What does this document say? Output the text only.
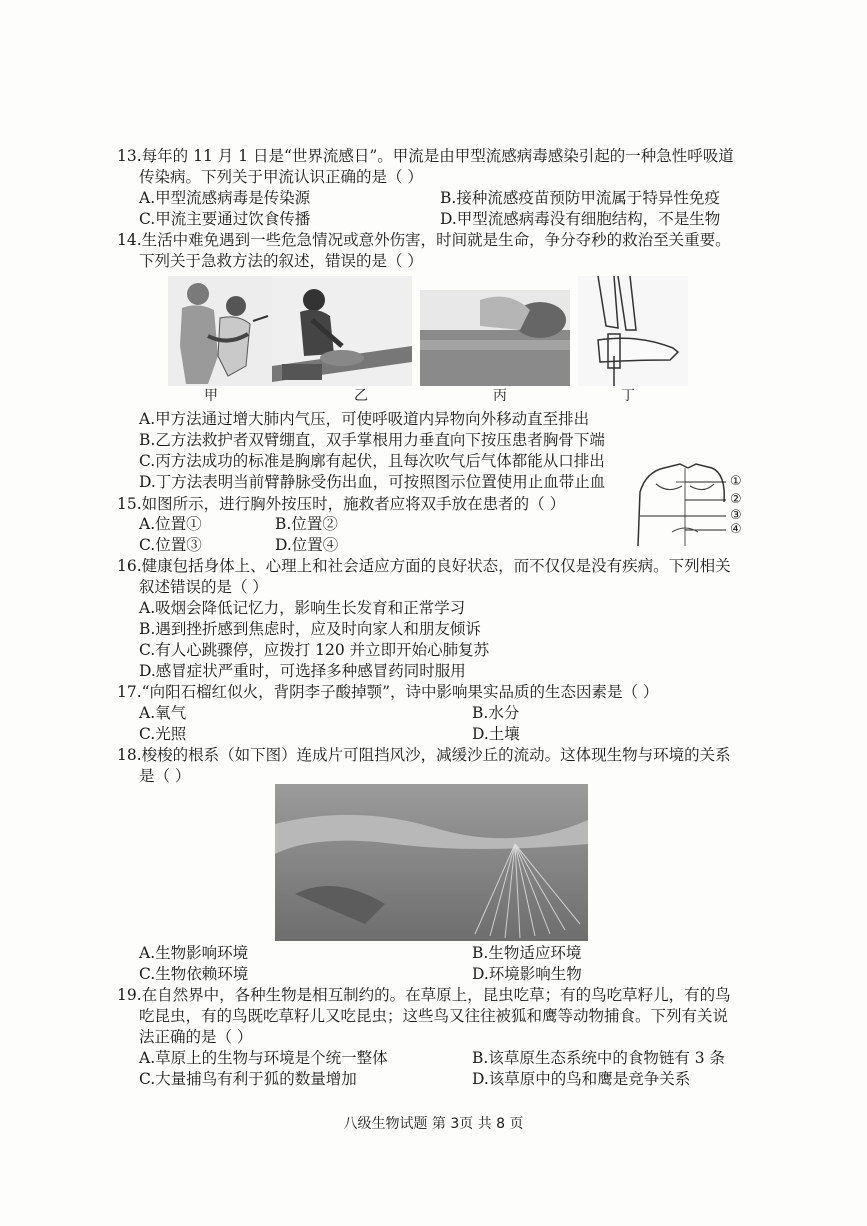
13.每年的 11 月 1 日是“世界流感日”。甲流是由甲型流感病毒感染引起的一种急性呼吸道
传染病。下列关于甲流认识正确的是（ ）
A.甲型流感病毒是传染源	B.接种流感疫苗预防甲流属于特异性免疫
C.甲流主要通过饮食传播	D.甲型流感病毒没有细胞结构，不是生物
14.生活中难免遇到一些危急情况或意外伤害，时间就是生命，争分夺秒的救治至关重要。
下列关于急救方法的叙述，错误的是（ ）
甲	乙	丙	丁
A.甲方法通过增大肺内气压，可使呼吸道内异物向外移动直至排出
B.乙方法救护者双臂绷直，双手掌根用力垂直向下按压患者胸骨下端
C.丙方法成功的标准是胸廓有起伏，且每次吹气后气体都能从口排出
D.丁方法表明当前臂静脉受伤出血，可按照图示位置使用止血带止血
15.如图所示，进行胸外按压时，施救者应将双手放在患者的（ ）
A.位置①	B.位置②
C.位置③	D.位置④
①
②
③
④
16.健康包括身体上、心理上和社会适应方面的良好状态，而不仅仅是没有疾病。下列相关
叙述错误的是（ ）
A.吸烟会降低记忆力，影响生长发育和正常学习
B.遇到挫折感到焦虑时，应及时向家人和朋友倾诉
C.有人心跳骤停，应拨打 120 并立即开始心肺复苏
D.感冒症状严重时，可选择多种感冒药同时服用
17.“向阳石榴红似火，背阴李子酸掉颚”，诗中影响果实品质的生态因素是（ ）
A.氧气	B.水分
C.光照	D.土壤
18.梭梭的根系（如下图）连成片可阻挡风沙，减缓沙丘的流动。这体现生物与环境的关系
是（ ）
A.生物影响环境	B.生物适应环境
C.生物依赖环境	D.环境影响生物
19.在自然界中，各种生物是相互制约的。在草原上，昆虫吃草；有的鸟吃草籽儿，有的鸟
吃昆虫，有的鸟既吃草籽儿又吃昆虫；这些鸟又往往被狐和鹰等动物捕食。下列有关说
法正确的是（ ）
A.草原上的生物与环境是个统一整体	B.该草原生态系统中的食物链有 3 条
C.大量捕鸟有利于狐的数量增加	D.该草原中的鸟和鹰是竞争关系
八级生物试题 第 3页 共 8 页
